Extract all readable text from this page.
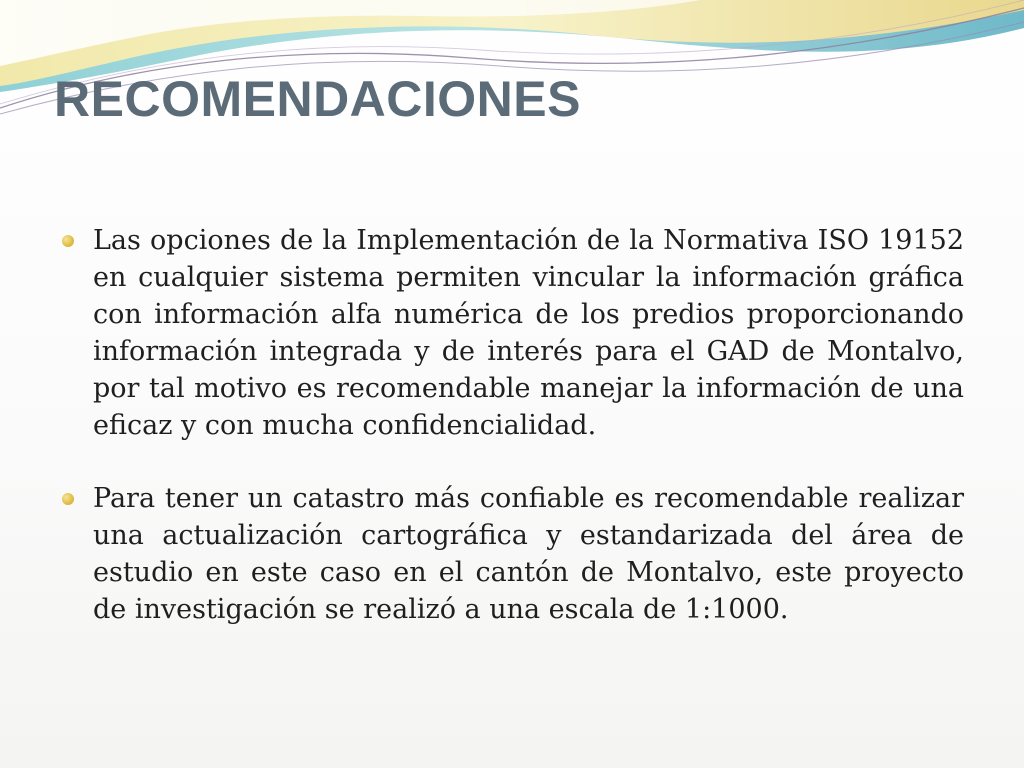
RECOMENDACIONES
Las opciones de la Implementación de la Normativa ISO 19152 en cualquier sistema permiten vincular la información gráfica con información alfa numérica de los predios proporcionando información integrada y de interés para el GAD de Montalvo, por tal motivo es recomendable manejar la información de una eficaz y con mucha confidencialidad.
Para tener un catastro más confiable es recomendable realizar una actualización cartográfica y estandarizada del área de estudio en este caso en el cantón de Montalvo, este proyecto de investigación se realizó a una escala de 1:1000.
